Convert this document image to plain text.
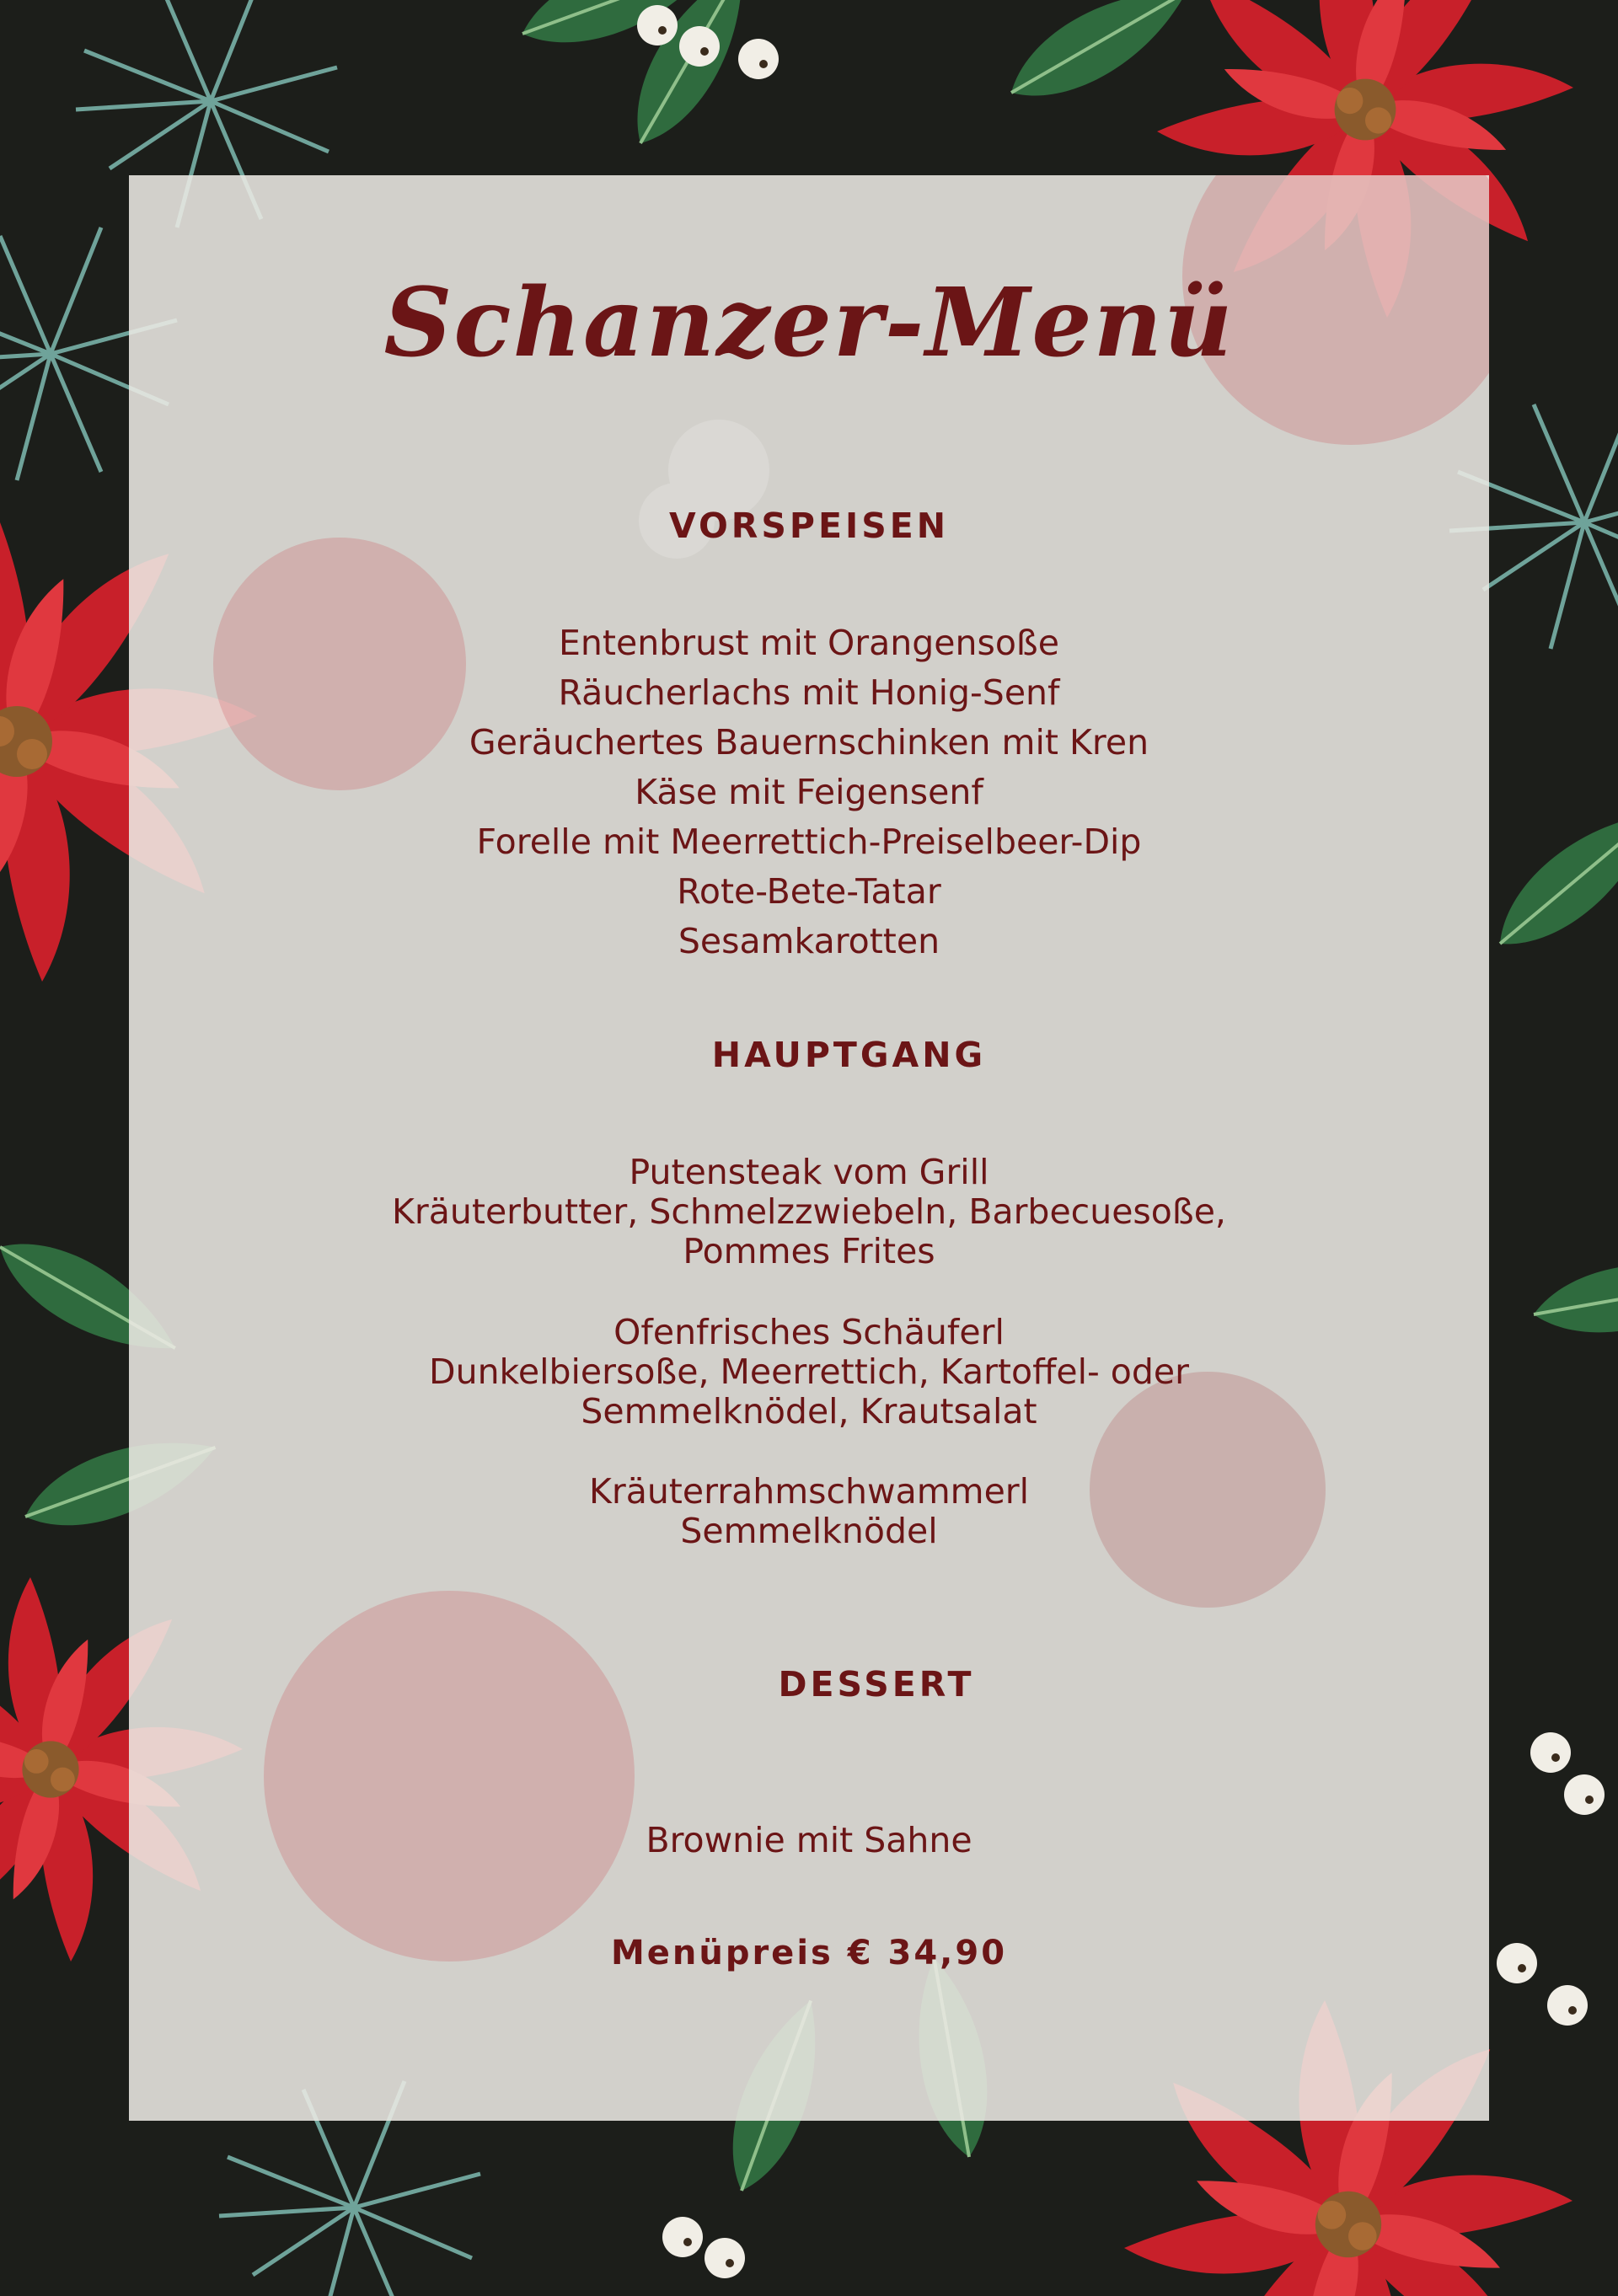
Schanzer-Menü
VORSPEISEN
Entenbrust mit Orangensoße
Räucherlachs mit Honig-Senf
Geräuchertes Bauernschinken mit Kren
Käse mit Feigensenf
Forelle mit Meerrettich-Preiselbeer-Dip
Rote-Bete-Tatar
Sesamkarotten
HAUPTGANG
Putensteak vom Grill
Kräuterbutter, Schmelzzwiebeln, Barbecuesoße,
Pommes Frites
Ofenfrisches Schäuferl
Dunkelbiersoße, Meerrettich, Kartoffel- oder
Semmelknödel, Krautsalat
Kräuterrahmschwammerl
Semmelknödel
DESSERT
Brownie mit Sahne
Menüpreis € 34,90
